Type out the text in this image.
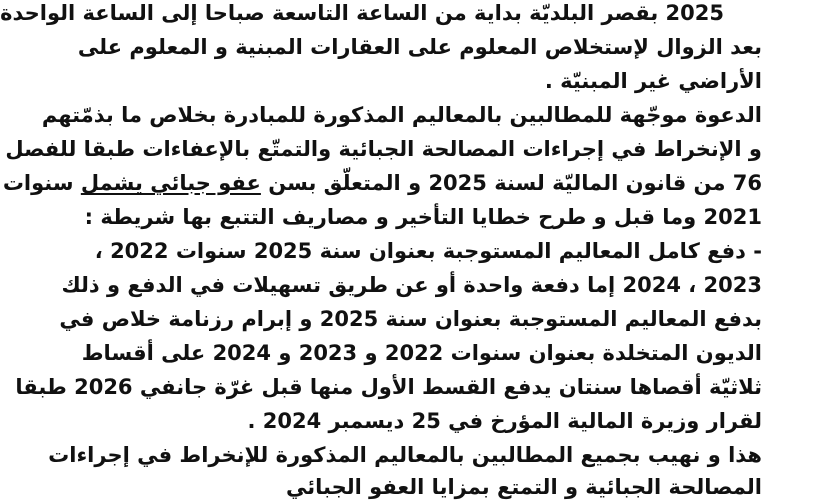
2025 بقصر البلديّة بداية من الساعة التاسعة صباحا إلى الساعة الواحدة
بعد الزوال لإستخلاص المعلوم على العقارات المبنية و المعلوم على
الأراضي غير المبنيّة .
الدعوة موجّهة للمطالبين بالمعاليم المذكورة للمبادرة بخلاص ما بذمّتهم
و الإنخراط في إجراءات المصالحة الجبائية والتمتّع بالإعفاءات طبقا للفصل
76 من قانون الماليّة لسنة 2025 و المتعلّق بسن عفو جبائي يشمل سنوات
2021 وما قبل و طرح خطايا التأخير و مصاريف التتبع بها شريطة :
- دفع كامل المعاليم المستوجبة بعنوان سنة 2025 سنوات 2022 ،
2023 ، 2024 إما دفعة واحدة أو عن طريق تسهيلات في الدفع و ذلك
بدفع المعاليم المستوجبة بعنوان سنة 2025 و إبرام رزنامة خلاص في
الديون المتخلدة بعنوان سنوات 2022 و 2023 و 2024 على أقساط
ثلاثيّة أقصاها سنتان يدفع القسط الأول منها قبل غرّة جانفي 2026 طبقا
لقرار وزيرة المالية المؤرخ في 25 ديسمبر 2024 .
هذا و نهيب بجميع المطالبين بالمعاليم المذكورة للإنخراط في إجراءات
المصالحة الجبائية و التمتع بمزايا العفو الجبائي
